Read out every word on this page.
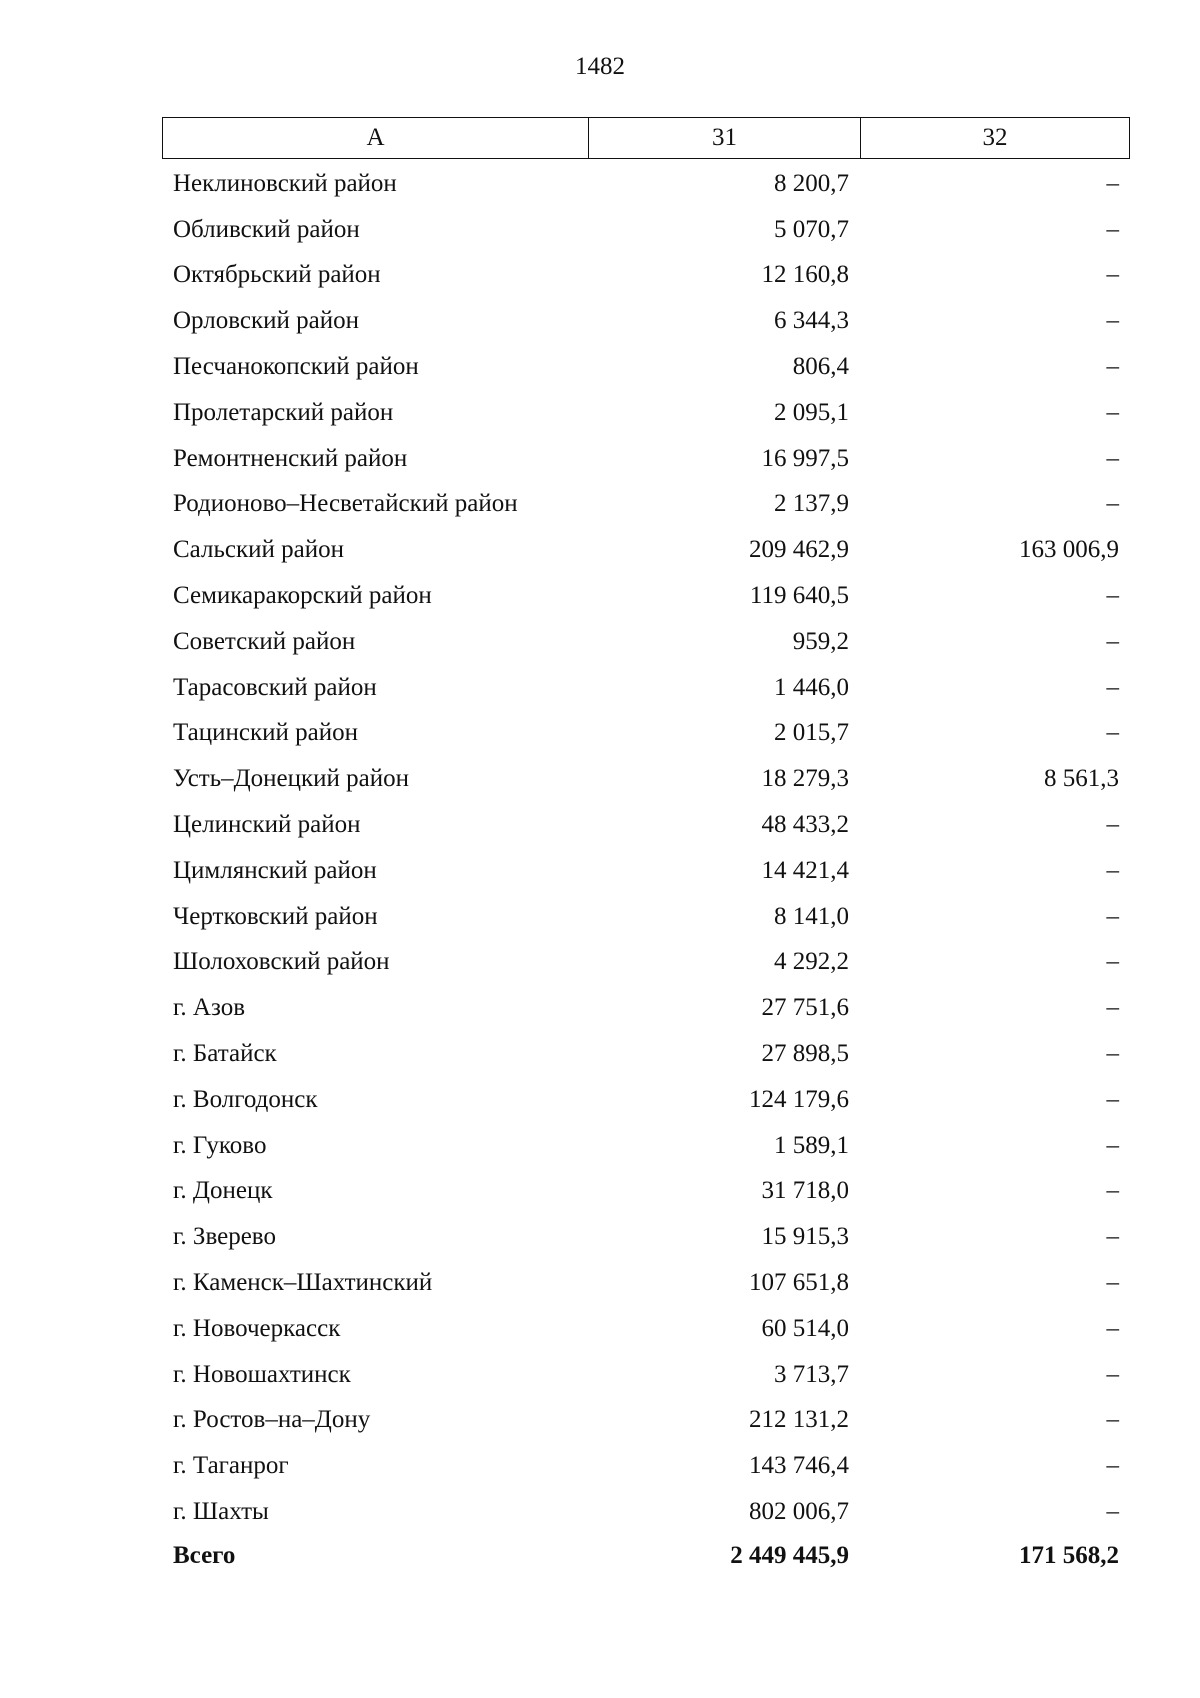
1482
А	31	32
Неклиновский район	8 200,7	–
Обливский район	5 070,7	–
Октябрьский район	12 160,8	–
Орловский район	6 344,3	–
Песчанокопский район	806,4	–
Пролетарский район	2 095,1	–
Ремонтненский район	16 997,5	–
Родионово–Несветайский район	2 137,9	–
Сальский район	209 462,9	163 006,9
Семикаракорский район	119 640,5	–
Советский район	959,2	–
Тарасовский район	1 446,0	–
Тацинский район	2 015,7	–
Усть–Донецкий район	18 279,3	8 561,3
Целинский район	48 433,2	–
Цимлянский район	14 421,4	–
Чертковский район	8 141,0	–
Шолоховский район	4 292,2	–
г. Азов	27 751,6	–
г. Батайск	27 898,5	–
г. Волгодонск	124 179,6	–
г. Гуково	1 589,1	–
г. Донецк	31 718,0	–
г. Зверево	15 915,3	–
г. Каменск–Шахтинский	107 651,8	–
г. Новочеркасск	60 514,0	–
г. Новошахтинск	3 713,7	–
г. Ростов–на–Дону	212 131,2	–
г. Таганрог	143 746,4	–
г. Шахты	802 006,7	–
Всего	2 449 445,9	171 568,2
